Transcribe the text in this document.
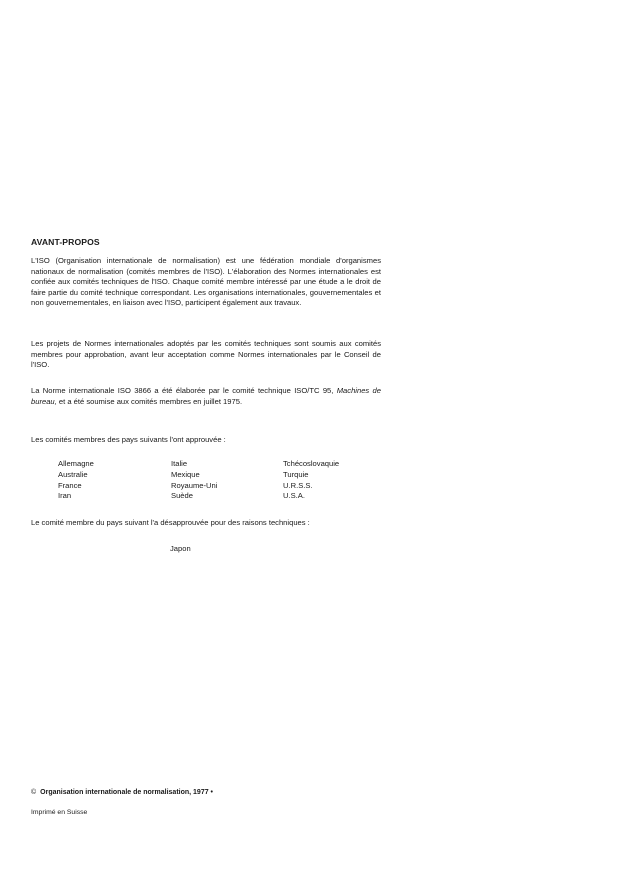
AVANT-PROPOS

L'ISO (Organisation internationale de normalisation) est une fédération mondiale d'organismes nationaux de normalisation (comités membres de l'ISO). L'élaboration des Normes internationales est confiée aux comités techniques de l'ISO. Chaque comité membre intéressé par une étude a le droit de faire partie du comité technique correspondant. Les organisations internationales, gouvernementales et non gouvernementales, en liaison avec l'ISO, participent également aux travaux.

Les projets de Normes internationales adoptés par les comités techniques sont soumis aux comités membres pour approbation, avant leur acceptation comme Normes internationales par le Conseil de l'ISO.

La Norme internationale ISO 3866 a été élaborée par le comité technique ISO/TC 95, Machines de bureau, et a été soumise aux comités membres en juillet 1975.

Les comités membres des pays suivants l'ont approuvée :

Allemagne	Italie	Tchécoslovaquie
Australie	Mexique	Turquie
France	Royaume-Uni	U.R.S.S.
Iran	Suède	U.S.A.

Le comité membre du pays suivant l'a désapprouvée pour des raisons techniques :

Japon
© Organisation internationale de normalisation, 1977 •
Imprimé en Suisse
